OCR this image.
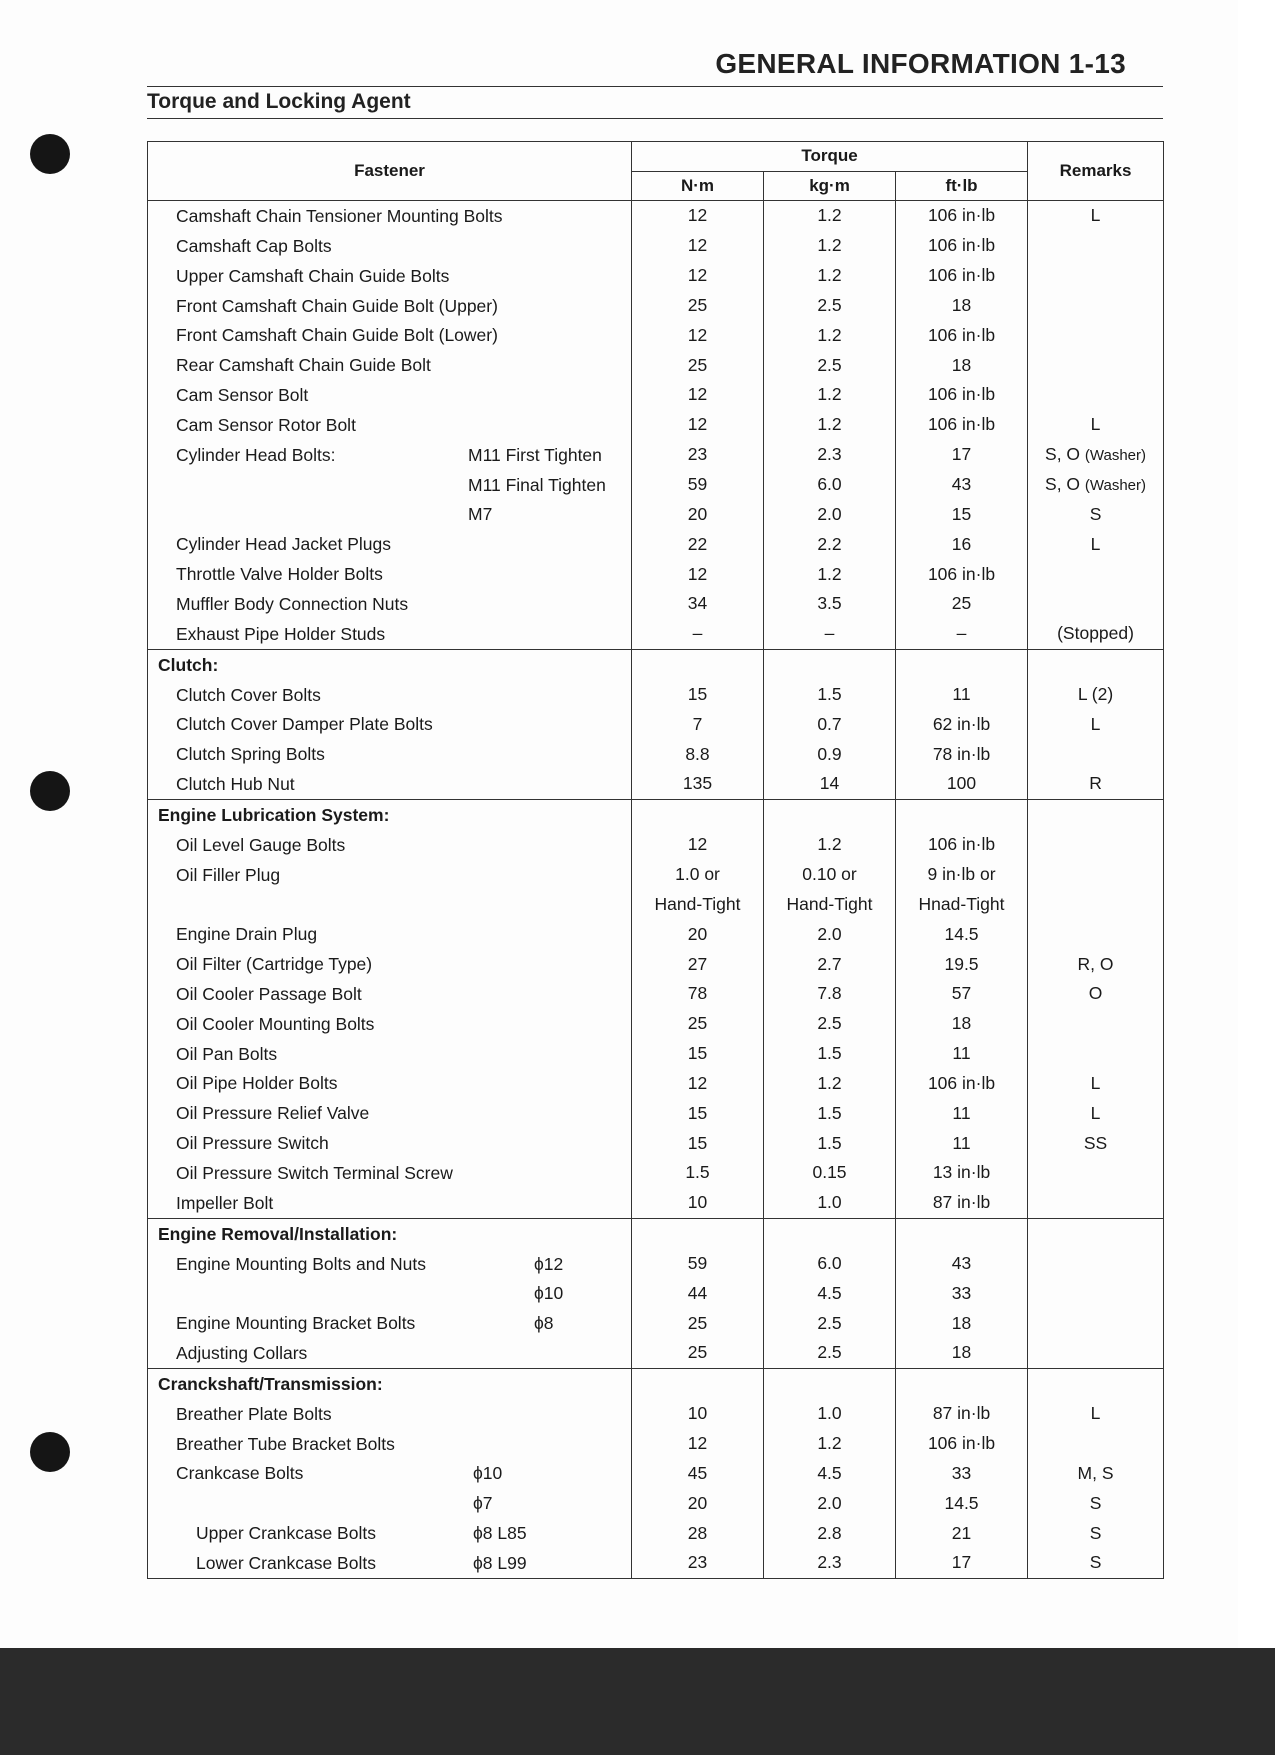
GENERAL INFORMATION 1-13
Torque and Locking Agent
Fastener	Torque			Remarks
	N·m	kg·m	ft·lb	

Camshaft Chain Tensioner Mounting Bolts	12	1.2	106 in·lb	L

Camshaft Cap Bolts	12	1.2	106 in·lb	

Upper Camshaft Chain Guide Bolts	12	1.2	106 in·lb	

Front Camshaft Chain Guide Bolt (Upper)	25	2.5	18	

Front Camshaft Chain Guide Bolt (Lower)	12	1.2	106 in·lb	

Rear Camshaft Chain Guide Bolt	25	2.5	18	

Cam Sensor Bolt	12	1.2	106 in·lb	

Cam Sensor Rotor Bolt	12	1.2	106 in·lb	L

Cylinder Head Bolts: M11 First Tighten	23	2.3	17	S, O (Washer)

M11 Final Tighten	59	6.0	43	S, O (Washer)

M7	20	2.0	15	S

Cylinder Head Jacket Plugs	22	2.2	16	L

Throttle Valve Holder Bolts	12	1.2	106 in·lb	

Muffler Body Connection Nuts	34	3.5	25	

Exhaust Pipe Holder Studs	–	–	–	(Stopped)

Clutch:				

Clutch Cover Bolts	15	1.5	11	L (2)

Clutch Cover Damper Plate Bolts	7	0.7	62 in·lb	L

Clutch Spring Bolts	8.8	0.9	78 in·lb	

Clutch Hub Nut	135	14	100	R

Engine Lubrication System:				

Oil Level Gauge Bolts	12	1.2	106 in·lb	

Oil Filler Plug	1.0 or	0.10 or	9 in·lb or	
	Hand-Tight	Hand-Tight	Hnad-Tight	

Engine Drain Plug	20	2.0	14.5	

Oil Filter (Cartridge Type)	27	2.7	19.5	R, O

Oil Cooler Passage Bolt	78	7.8	57	O

Oil Cooler Mounting Bolts	25	2.5	18	

Oil Pan Bolts	15	1.5	11	

Oil Pipe Holder Bolts	12	1.2	106 in·lb	L

Oil Pressure Relief Valve	15	1.5	11	L

Oil Pressure Switch	15	1.5	11	SS

Oil Pressure Switch Terminal Screw	1.5	0.15	13 in·lb	

Impeller Bolt	10	1.0	87 in·lb	

Engine Removal/Installation:				

Engine Mounting Bolts and Nuts ϕ12	59	6.0	43	

ϕ10	44	4.5	33	

Engine Mounting Bracket Bolts ϕ8	25	2.5	18	

Adjusting Collars	25	2.5	18	

Cranckshaft/Transmission:				

Breather Plate Bolts	10	1.0	87 in·lb	L

Breather Tube Bracket Bolts	12	1.2	106 in·lb	

Crankcase Bolts ϕ10	45	4.5	33	M, S

ϕ7	20	2.0	14.5	S

Upper Crankcase Bolts ϕ8 L85	28	2.8	21	S

Lower Crankcase Bolts ϕ8 L99	23	2.3	17	S
